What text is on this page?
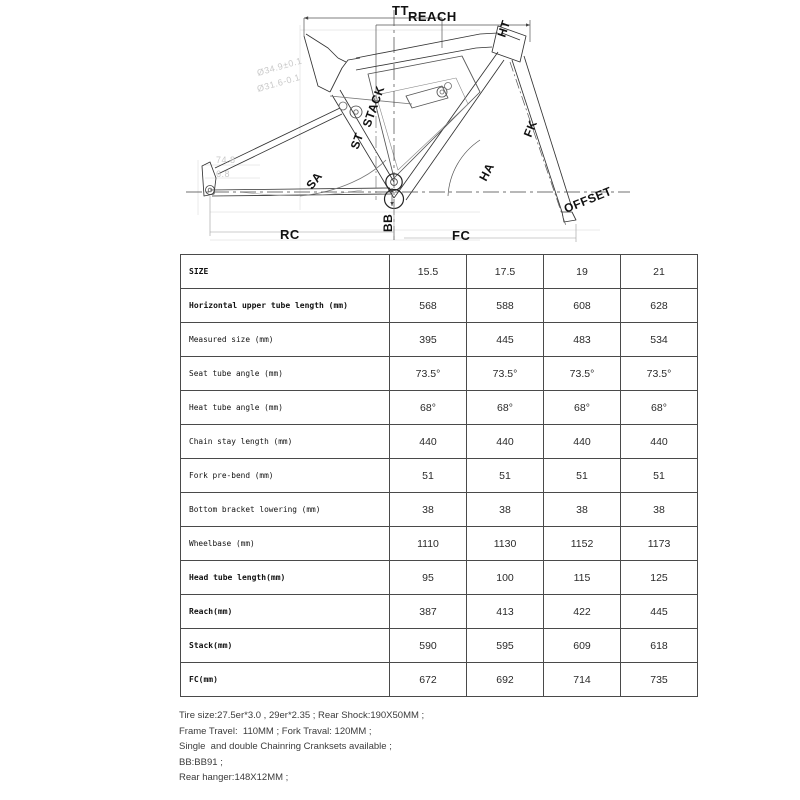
TT REACH
HT
FK
HA
OFFSET
STACK
ST
SA
RC
BB
FC
Ø34.9±0.1
Ø31.6-0.1
74.8
6.8
SIZE	15.5	17.5	19	21
Horizontal upper tube length (mm)	568	588	608	628
Measured size (mm)	395	445	483	534
Seat tube angle (mm)	73.5°	73.5°	73.5°	73.5°
Heat tube angle (mm)	68°	68°	68°	68°
Chain stay length (mm)	440	440	440	440
Fork pre-bend (mm)	51	51	51	51
Bottom bracket lowering (mm)	38	38	38	38
Wheelbase (mm)	1110	1130	1152	1173
Head tube length(mm)	95	100	115	125
Reach(mm)	387	413	422	445
Stack(mm)	590	595	609	618
FC(mm)	672	692	714	735
Tire size:27.5er*3.0 , 29er*2.35 ; Rear Shock:190X50MM ;
Frame Travel:  110MM ; Fork Traval: 120MM ;
Single  and double Chainring Cranksets available ;
BB:BB91 ;
Rear hanger:148X12MM ;
